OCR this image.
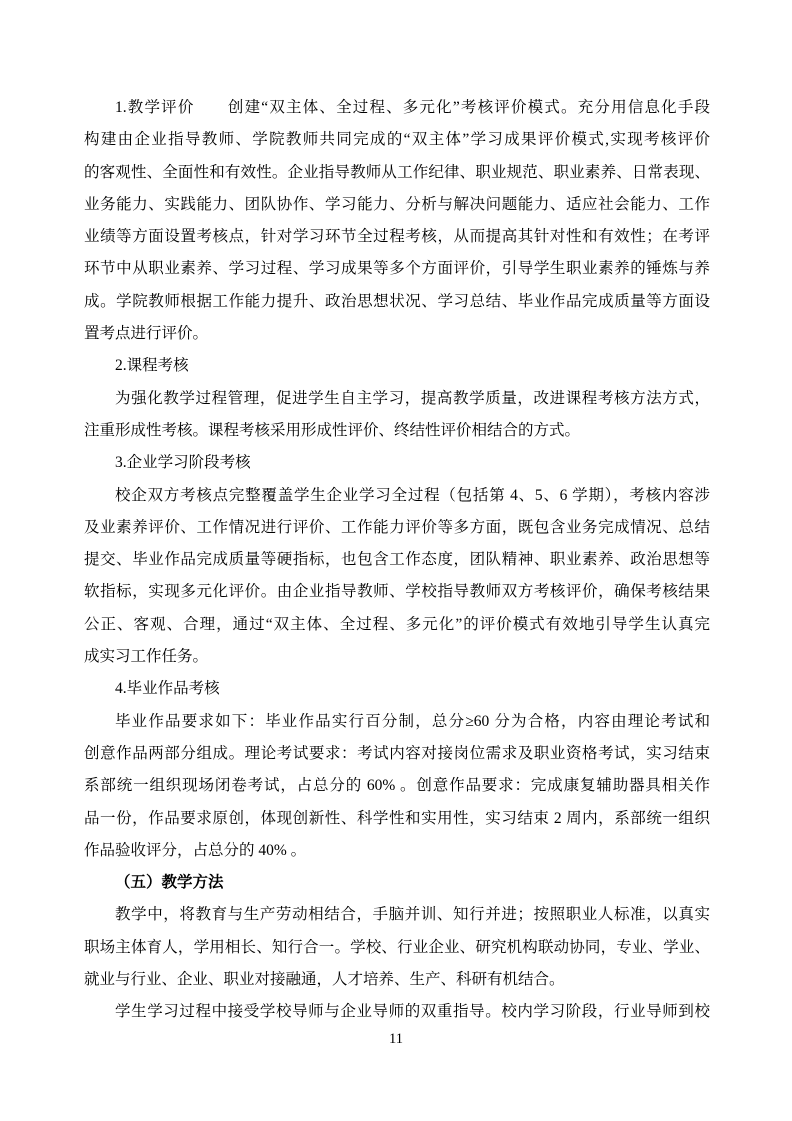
1.教学评价　　创建“双主体、全过程、多元化”考核评价模式。充分用信息化手段
构建由企业指导教师、学院教师共同完成的“双主体”学习成果评价模式,实现考核评价
的客观性、全面性和有效性。企业指导教师从工作纪律、职业规范、职业素养、日常表现、
业务能力、实践能力、团队协作、学习能力、分析与解决问题能力、适应社会能力、工作
业绩等方面设置考核点，针对学习环节全过程考核，从而提高其针对性和有效性；在考评
环节中从职业素养、学习过程、学习成果等多个方面评价，引导学生职业素养的锤炼与养
成。学院教师根据工作能力提升、政治思想状况、学习总结、毕业作品完成质量等方面设
置考点进行评价。
2.课程考核
为强化教学过程管理，促进学生自主学习，提高教学质量，改进课程考核方法方式，
注重形成性考核。课程考核采用形成性评价、终结性评价相结合的方式。
3.企业学习阶段考核
校企双方考核点完整覆盖学生企业学习全过程（包括第 4、5、6 学期），考核内容涉
及业素养评价、工作情况进行评价、工作能力评价等多方面，既包含业务完成情况、总结
提交、毕业作品完成质量等硬指标，也包含工作态度，团队精神、职业素养、政治思想等
软指标，实现多元化评价。由企业指导教师、学校指导教师双方考核评价，确保考核结果
公正、客观、合理，通过“双主体、全过程、多元化”的评价模式有效地引导学生认真完
成实习工作任务。
4.毕业作品考核
毕业作品要求如下：毕业作品实行百分制，总分≥60 分为合格，内容由理论考试和
创意作品两部分组成。理论考试要求：考试内容对接岗位需求及职业资格考试，实习结束
系部统一组织现场闭卷考试，占总分的 60% 。创意作品要求：完成康复辅助器具相关作
品一份，作品要求原创，体现创新性、科学性和实用性，实习结束 2 周内，系部统一组织
作品验收评分，占总分的 40% 。
（五）教学方法
教学中，将教育与生产劳动相结合，手脑并训、知行并进；按照职业人标准，以真实
职场主体育人，学用相长、知行合一。学校、行业企业、研究机构联动协同，专业、学业、
就业与行业、企业、职业对接融通，人才培养、生产、科研有机结合。
学生学习过程中接受学校导师与企业导师的双重指导。校内学习阶段，行业导师到校
11
